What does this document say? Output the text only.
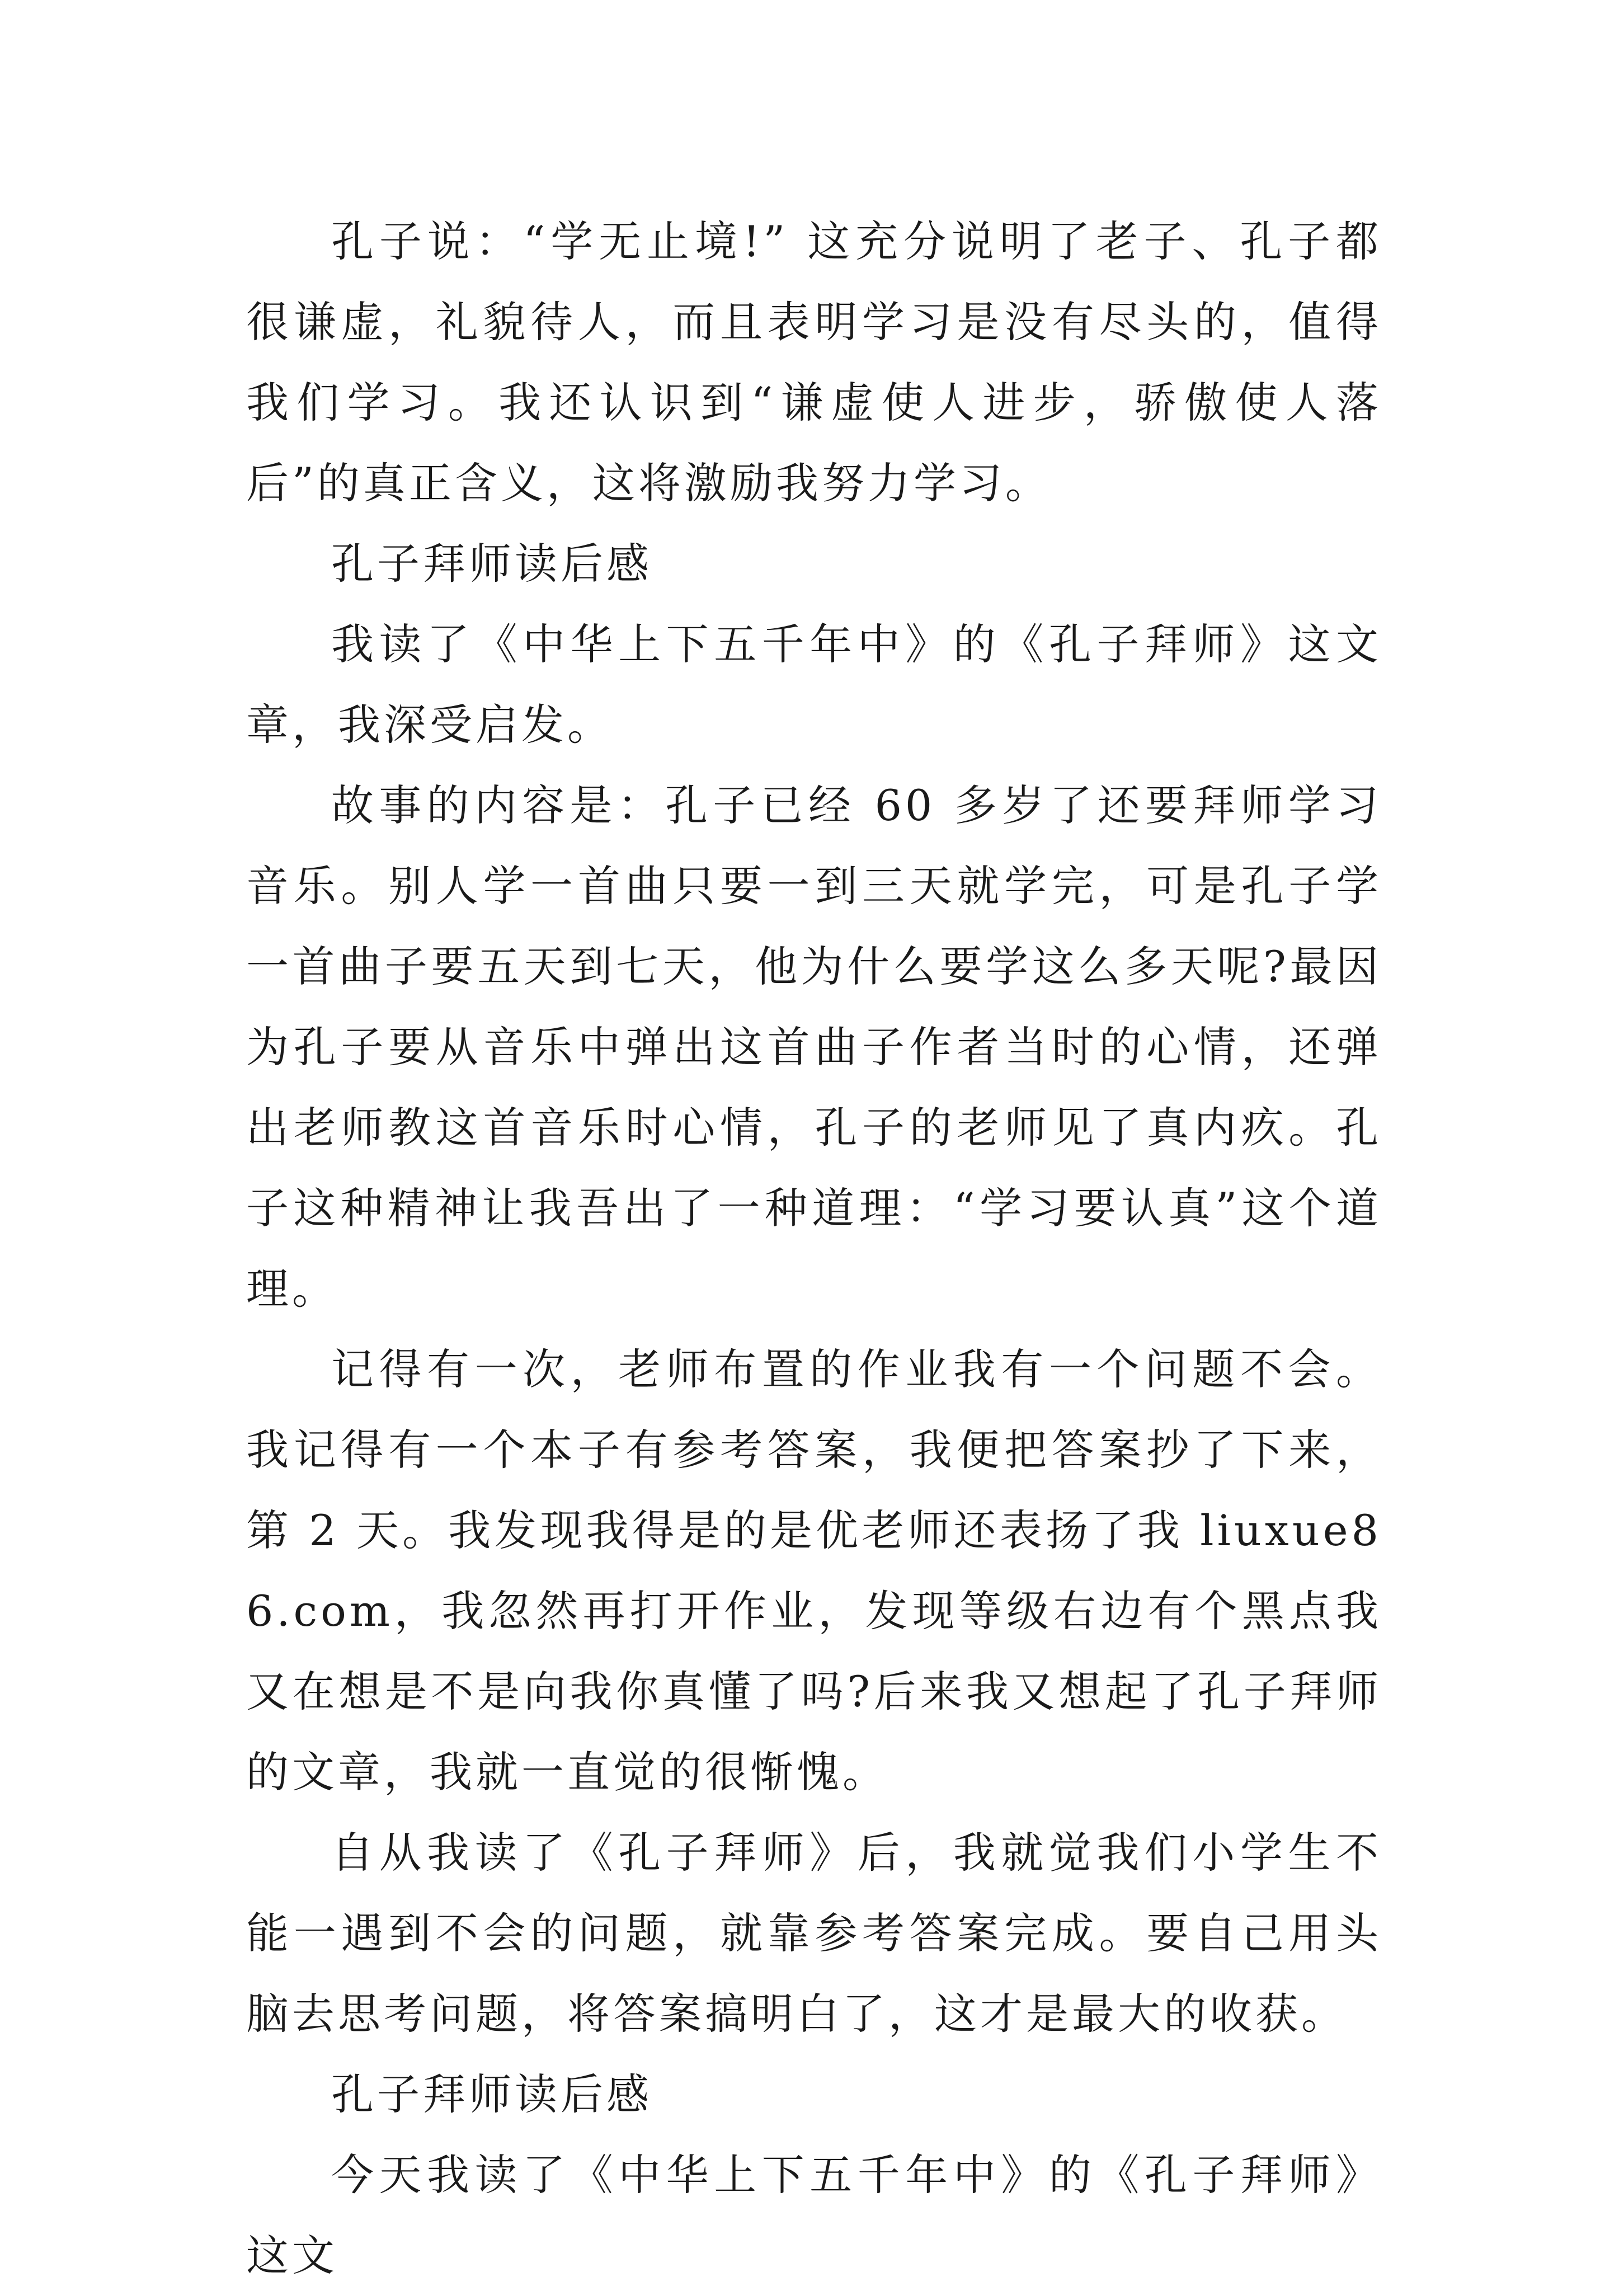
孔子说：“学无止境!” 这充分说明了老子、孔子都很谦虚，礼貌待人，而且表明学习是没有尽头的，值得我们学习。我还认识到“谦虚使人进步，骄傲使人落后”的真正含义，这将激励我努力学习。

孔子拜师读后感

我读了《中华上下五千年中》的《孔子拜师》这文章，我深受启发。

故事的内容是：孔子已经 60 多岁了还要拜师学习音乐。别人学一首曲只要一到三天就学完，可是孔子学一首曲子要五天到七天，他为什么要学这么多天呢?最因为孔子要从音乐中弹出这首曲子作者当时的心情，还弹出老师教这首音乐时心情，孔子的老师见了真内疚。孔子这种精神让我吾出了一种道理：“学习要认真”这个道理。

记得有一次，老师布置的作业我有一个问题不会。我记得有一个本子有参考答案，我便把答案抄了下来，第 2 天。我发现我得是的是优老师还表扬了我 liuxue86.com，我忽然再打开作业，发现等级右边有个黑点我又在想是不是向我你真懂了吗?后来我又想起了孔子拜师的文章，我就一直觉的很惭愧。

自从我读了《孔子拜师》后，我就觉我们小学生不能一遇到不会的问题，就靠参考答案完成。要自己用头脑去思考问题，将答案搞明白了，这才是最大的收获。

孔子拜师读后感

今天我读了《中华上下五千年中》的《孔子拜师》这文
